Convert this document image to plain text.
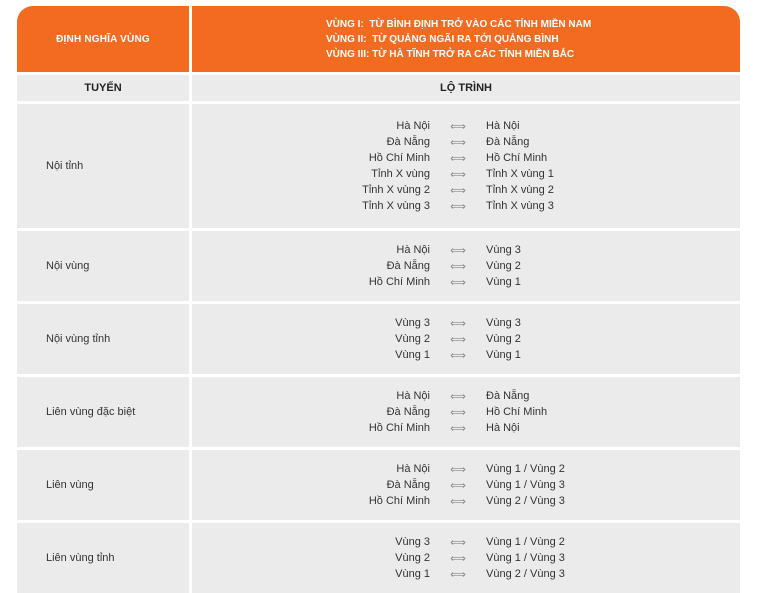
ĐỊNH NGHĨA VÙNG
VÙNG I: TỪ BÌNH ĐỊNH TRỞ VÀO CÁC TỈNH MIỀN NAM
VÙNG II: TỪ QUẢNG NGÃI RA TỚI QUẢNG BÌNH
VÙNG III: TỪ HÀ TĨNH TRỞ RA CÁC TỈNH MIỀN BẮC
TUYẾN	LỘ TRÌNH
Nội tỉnh
Hà Nội	⟺	Hà Nội
Đà Nẵng	⟺	Đà Nẵng
Hồ Chí Minh	⟺	Hồ Chí Minh
Tỉnh X vùng	⟺	Tỉnh X vùng 1
Tỉnh X vùng 2	⟺	Tỉnh X vùng 2
Tỉnh X vùng 3	⟺	Tỉnh X vùng 3
Nội vùng
Hà Nội	⟺	Vùng 3
Đà Nẵng	⟺	Vùng 2
Hồ Chí Minh	⟺	Vùng 1
Nội vùng tỉnh
Vùng 3	⟺	Vùng 3
Vùng 2	⟺	Vùng 2
Vùng 1	⟺	Vùng 1
Liên vùng đặc biệt
Hà Nội	⟺	Đà Nẵng
Đà Nẵng	⟺	Hồ Chí Minh
Hồ Chí Minh	⟺	Hà Nội
Liên vùng
Hà Nội	⟺	Vùng 1 / Vùng 2
Đà Nẵng	⟺	Vùng 1 / Vùng 3
Hồ Chí Minh	⟺	Vùng 2 / Vùng 3
Liên vùng tỉnh
Vùng 3	⟺	Vùng 1 / Vùng 2
Vùng 2	⟺	Vùng 1 / Vùng 3
Vùng 1	⟺	Vùng 2 / Vùng 3
